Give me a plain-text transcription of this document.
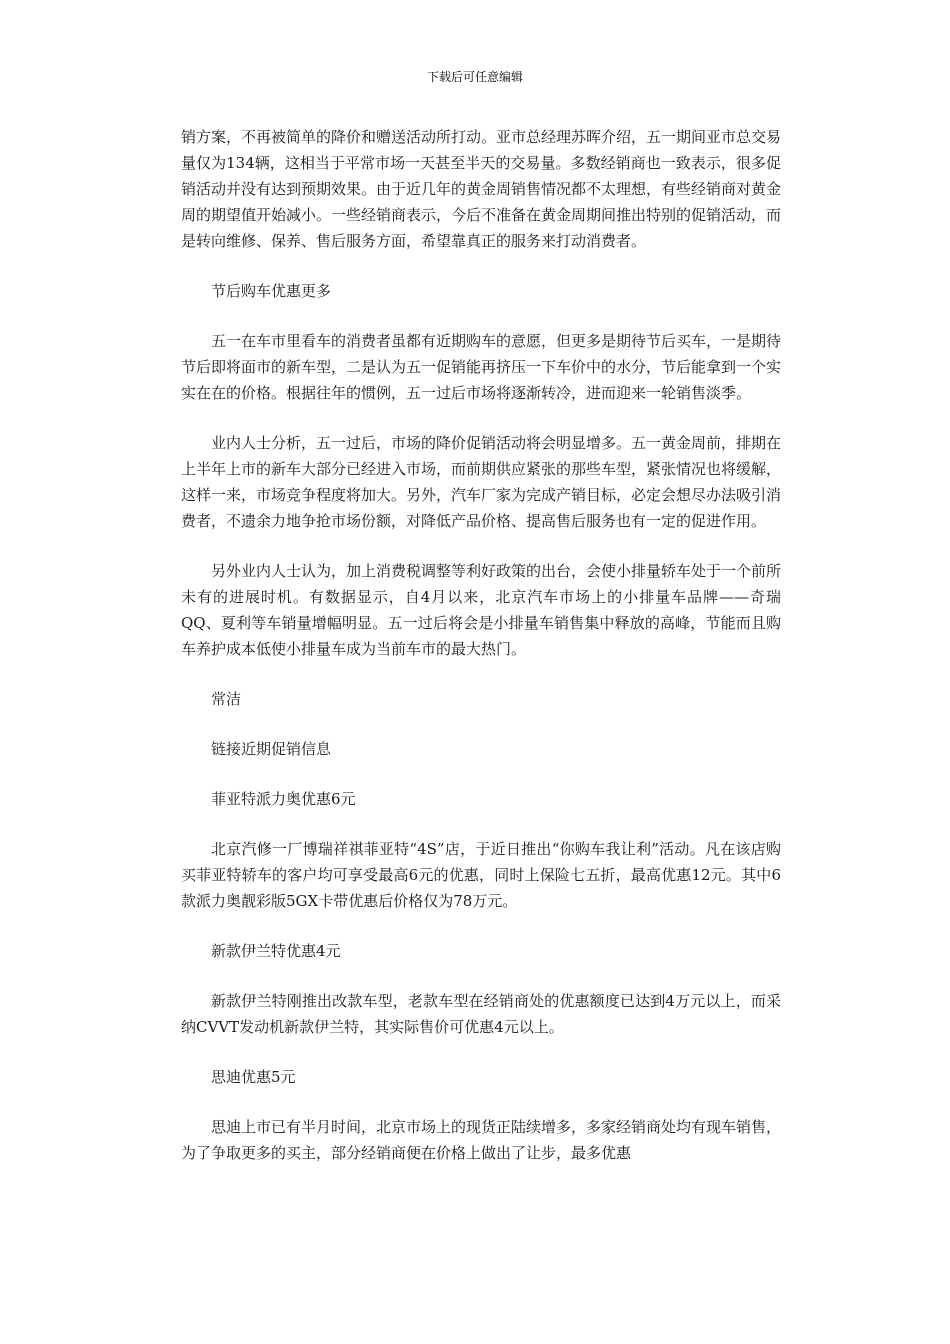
下载后可任意编辑

销方案，不再被简单的降价和赠送活动所打动。亚市总经理苏晖介绍，五一期间亚市总交易量仅为134辆，这相当于平常市场一天甚至半天的交易量。多数经销商也一致表示，很多促销活动并没有达到预期效果。由于近几年的黄金周销售情况都不太理想，有些经销商对黄金周的期望值开始减小。一些经销商表示，今后不准备在黄金周期间推出特别的促销活动，而是转向维修、保养、售后服务方面，希望靠真正的服务来打动消费者。

节后购车优惠更多

五一在车市里看车的消费者虽都有近期购车的意愿，但更多是期待节后买车，一是期待节后即将面市的新车型，二是认为五一促销能再挤压一下车价中的水分，节后能拿到一个实实在在的价格。根据往年的惯例，五一过后市场将逐渐转冷，进而迎来一轮销售淡季。

业内人士分析，五一过后，市场的降价促销活动将会明显增多。五一黄金周前，排期在上半年上市的新车大部分已经进入市场，而前期供应紧张的那些车型，紧张情况也将缓解，这样一来，市场竞争程度将加大。另外，汽车厂家为完成产销目标，必定会想尽办法吸引消费者，不遗余力地争抢市场份额，对降低产品价格、提高售后服务也有一定的促进作用。

另外业内人士认为，加上消费税调整等利好政策的出台，会使小排量轿车处于一个前所未有的进展时机。有数据显示，自4月以来，北京汽车市场上的小排量车品牌——奇瑞QQ、夏利等车销量增幅明显。五一过后将会是小排量车销售集中释放的高峰，节能而且购车养护成本低使小排量车成为当前车市的最大热门。

常洁

链接近期促销信息

菲亚特派力奥优惠6元

北京汽修一厂博瑞祥祺菲亚特“4S”店，于近日推出“你购车我让利”活动。凡在该店购买菲亚特轿车的客户均可享受最高6元的优惠，同时上保险七五折，最高优惠12元。其中6款派力奥靓彩版5GX卡带优惠后价格仅为78万元。

新款伊兰特优惠4元

新款伊兰特刚推出改款车型，老款车型在经销商处的优惠额度已达到4万元以上，而采纳CVVT发动机新款伊兰特，其实际售价可优惠4元以上。

思迪优惠5元

思迪上市已有半月时间，北京市场上的现货正陆续增多，多家经销商处均有现车销售，为了争取更多的买主，部分经销商便在价格上做出了让步，最多优惠
